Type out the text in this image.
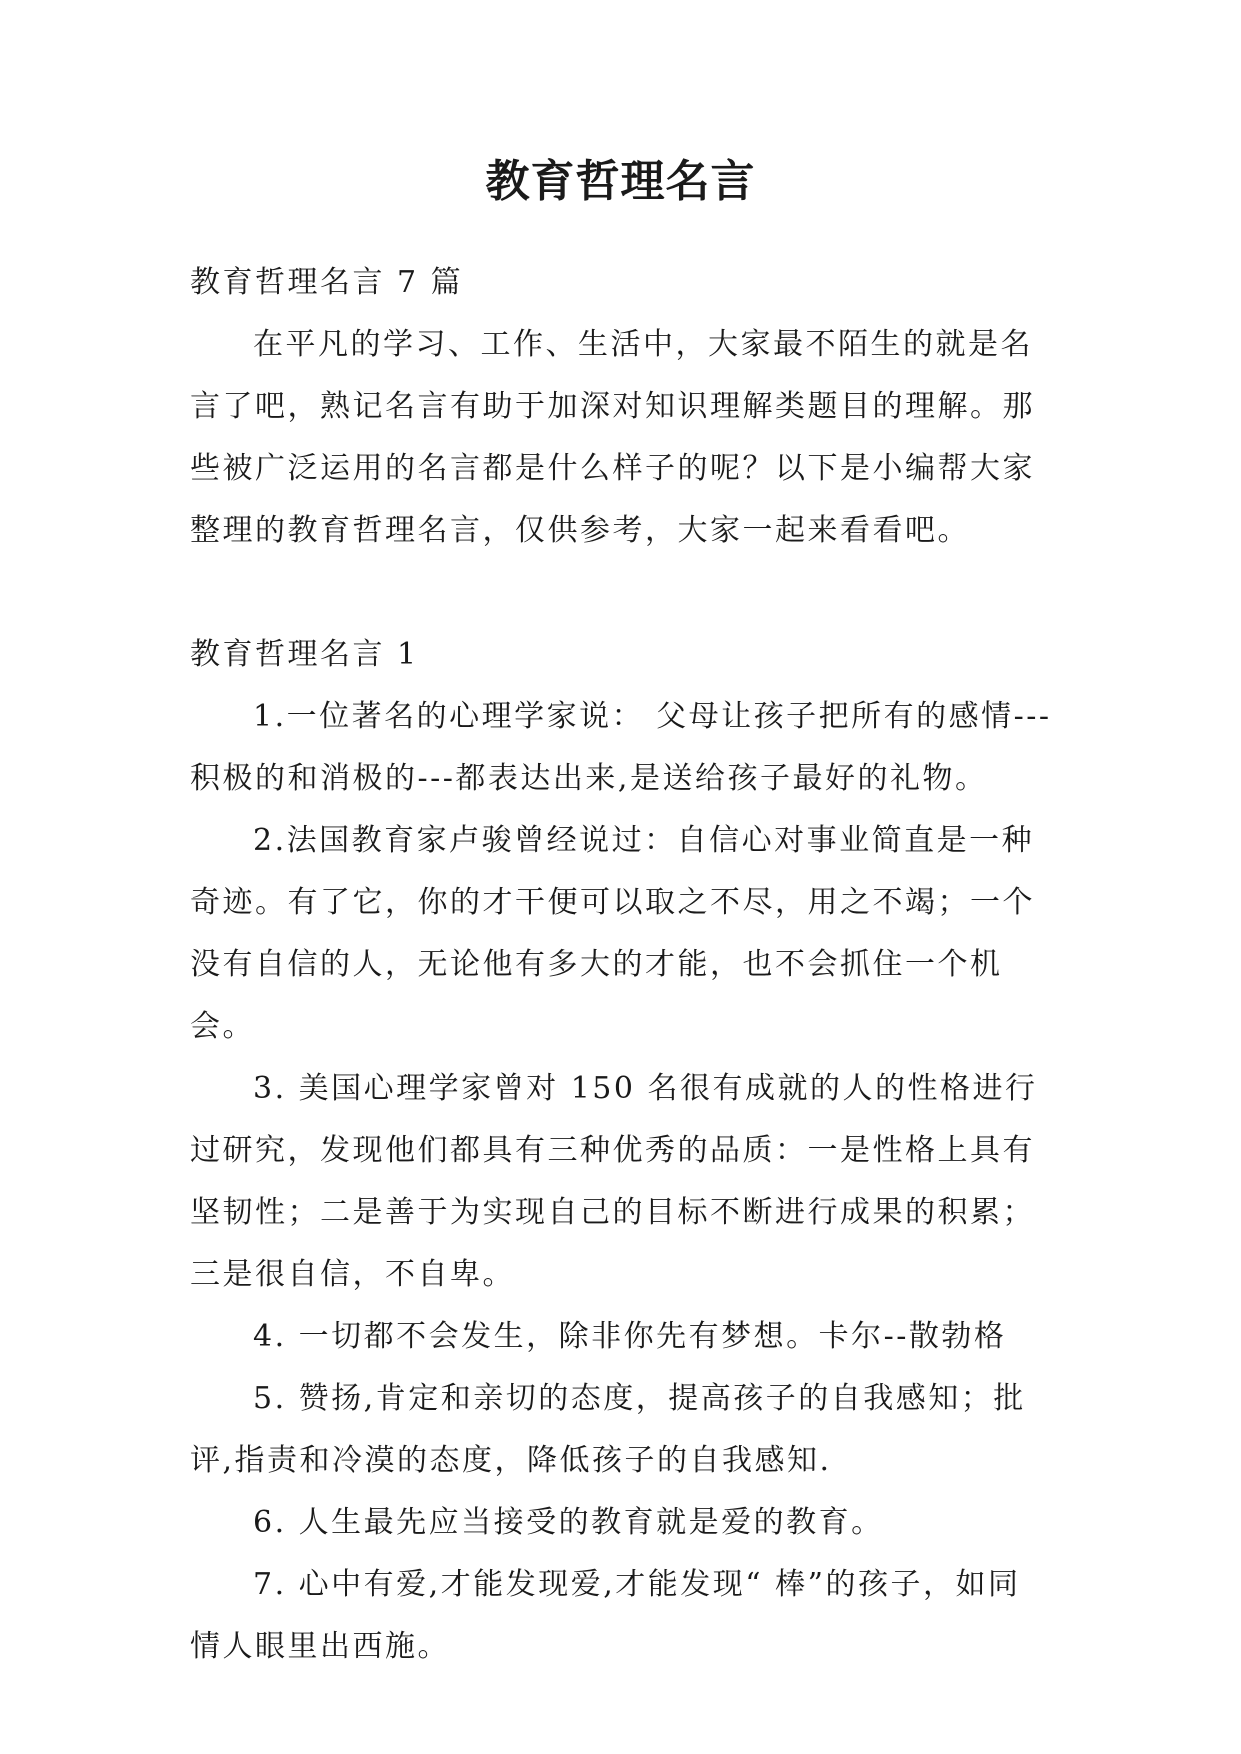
教育哲理名言

教育哲理名言 7 篇

在平凡的学习、工作、生活中，大家最不陌生的就是名言了吧，熟记名言有助于加深对知识理解类题目的理解。那些被广泛运用的名言都是什么样子的呢？以下是小编帮大家整理的教育哲理名言，仅供参考，大家一起来看看吧。

教育哲理名言 1

1.一位著名的心理学家说： 父母让孩子把所有的感情---积极的和消极的---都表达出来,是送给孩子最好的礼物。

2.法国教育家卢骏曾经说过：自信心对事业简直是一种奇迹。有了它，你的才干便可以取之不尽，用之不竭；一个没有自信的人，无论他有多大的才能，也不会抓住一个机会。

3. 美国心理学家曾对 150 名很有成就的人的性格进行过研究，发现他们都具有三种优秀的品质：一是性格上具有坚韧性；二是善于为实现自己的目标不断进行成果的积累；三是很自信，不自卑。

4. 一切都不会发生，除非你先有梦想。卡尔--散勃格

5. 赞扬,肯定和亲切的态度，提高孩子的自我感知；批评,指责和冷漠的态度，降低孩子的自我感知.

6. 人生最先应当接受的教育就是爱的教育。

7. 心中有爱,才能发现爱,才能发现“ 棒”的孩子，如同情人眼里出西施。
